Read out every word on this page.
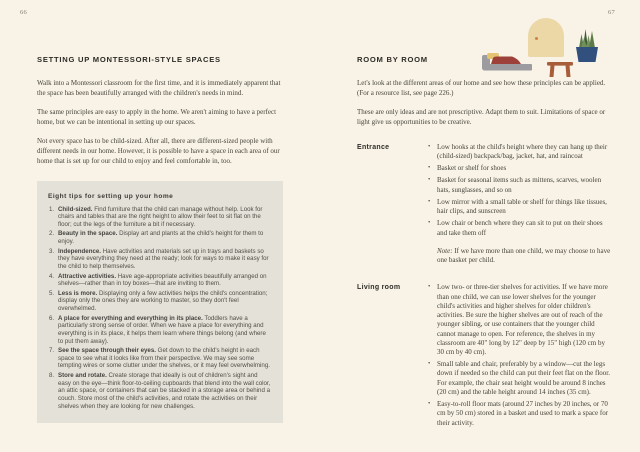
66
SETTING UP MONTESSORI-STYLE SPACES

Walk into a Montessori classroom for the first time, and it is immediately apparent that the space has been beautifully arranged with the children's needs in mind.

The same principles are easy to apply in the home. We aren't aiming to have a perfect home, but we can be intentional in setting up our spaces.

Not every space has to be child-sized. After all, there are different-sized people with different needs in our home. However, it is possible to have a space in each area of our home that is set up for our child to enjoy and feel comfortable in, too.

Eight tips for setting up your home
1. Child-sized. Find furniture that the child can manage without help. Look for chairs and tables that are the right height to allow their feet to sit flat on the floor; cut the legs of the furniture a bit if necessary.
2. Beauty in the space. Display art and plants at the child's height for them to enjoy.
3. Independence. Have activities and materials set up in trays and baskets so they have everything they need at the ready; look for ways to make it easy for the child to help themselves.
4. Attractive activities. Have age-appropriate activities beautifully arranged on shelves—rather than in toy boxes—that are inviting to them.
5. Less is more. Displaying only a few activities helps the child's concentration; display only the ones they are working to master, so they don't feel overwhelmed.
6. A place for everything and everything in its place. Toddlers have a particularly strong sense of order. When we have a place for everything and everything is in its place, it helps them learn where things belong (and where to put them away).
7. See the space through their eyes. Get down to the child's height in each space to see what it looks like from their perspective. We may see some tempting wires or some clutter under the shelves, or it may feel overwhelming.
8. Store and rotate. Create storage that ideally is out of children's sight and easy on the eye—think floor-to-ceiling cupboards that blend into the wall color, an attic space, or containers that can be stacked in a storage area or behind a couch. Store most of the child's activities, and rotate the activities on their shelves when they are looking for new challenges.
67
ROOM BY ROOM

Let's look at the different areas of our home and see how these principles can be applied. (For a resource list, see page 226.)

These are only ideas and are not prescriptive. Adapt them to suit. Limitations of space or light give us opportunities to be creative.

Entrance	• Low hooks at the child's height where they can hang up their (child-sized) backpack/bag, jacket, hat, and raincoat
• Basket or shelf for shoes
• Basket for seasonal items such as mittens, scarves, woolen hats, sunglasses, and so on
• Low mirror with a small table or shelf for things like tissues, hair clips, and sunscreen
• Low chair or bench where they can sit to put on their shoes and take them off
Note: If we have more than one child, we may choose to have one basket per child.
Living room	• Low two- or three-tier shelves for activities. If we have more than one child, we can use lower shelves for the younger child's activities and higher shelves for older children's activities. Be sure the higher shelves are out of reach of the younger sibling, or use containers that the younger child cannot manage to open. For reference, the shelves in my classroom are 40" long by 12" deep by 15" high (120 cm by 30 cm by 40 cm).
• Small table and chair, preferably by a window—cut the legs down if needed so the child can put their feet flat on the floor. For example, the chair seat height would be around 8 inches (20 cm) and the table height around 14 inches (35 cm).
• Easy-to-roll floor mats (around 27 inches by 20 inches, or 70 cm by 50 cm) stored in a basket and used to mark a space for their activity.
